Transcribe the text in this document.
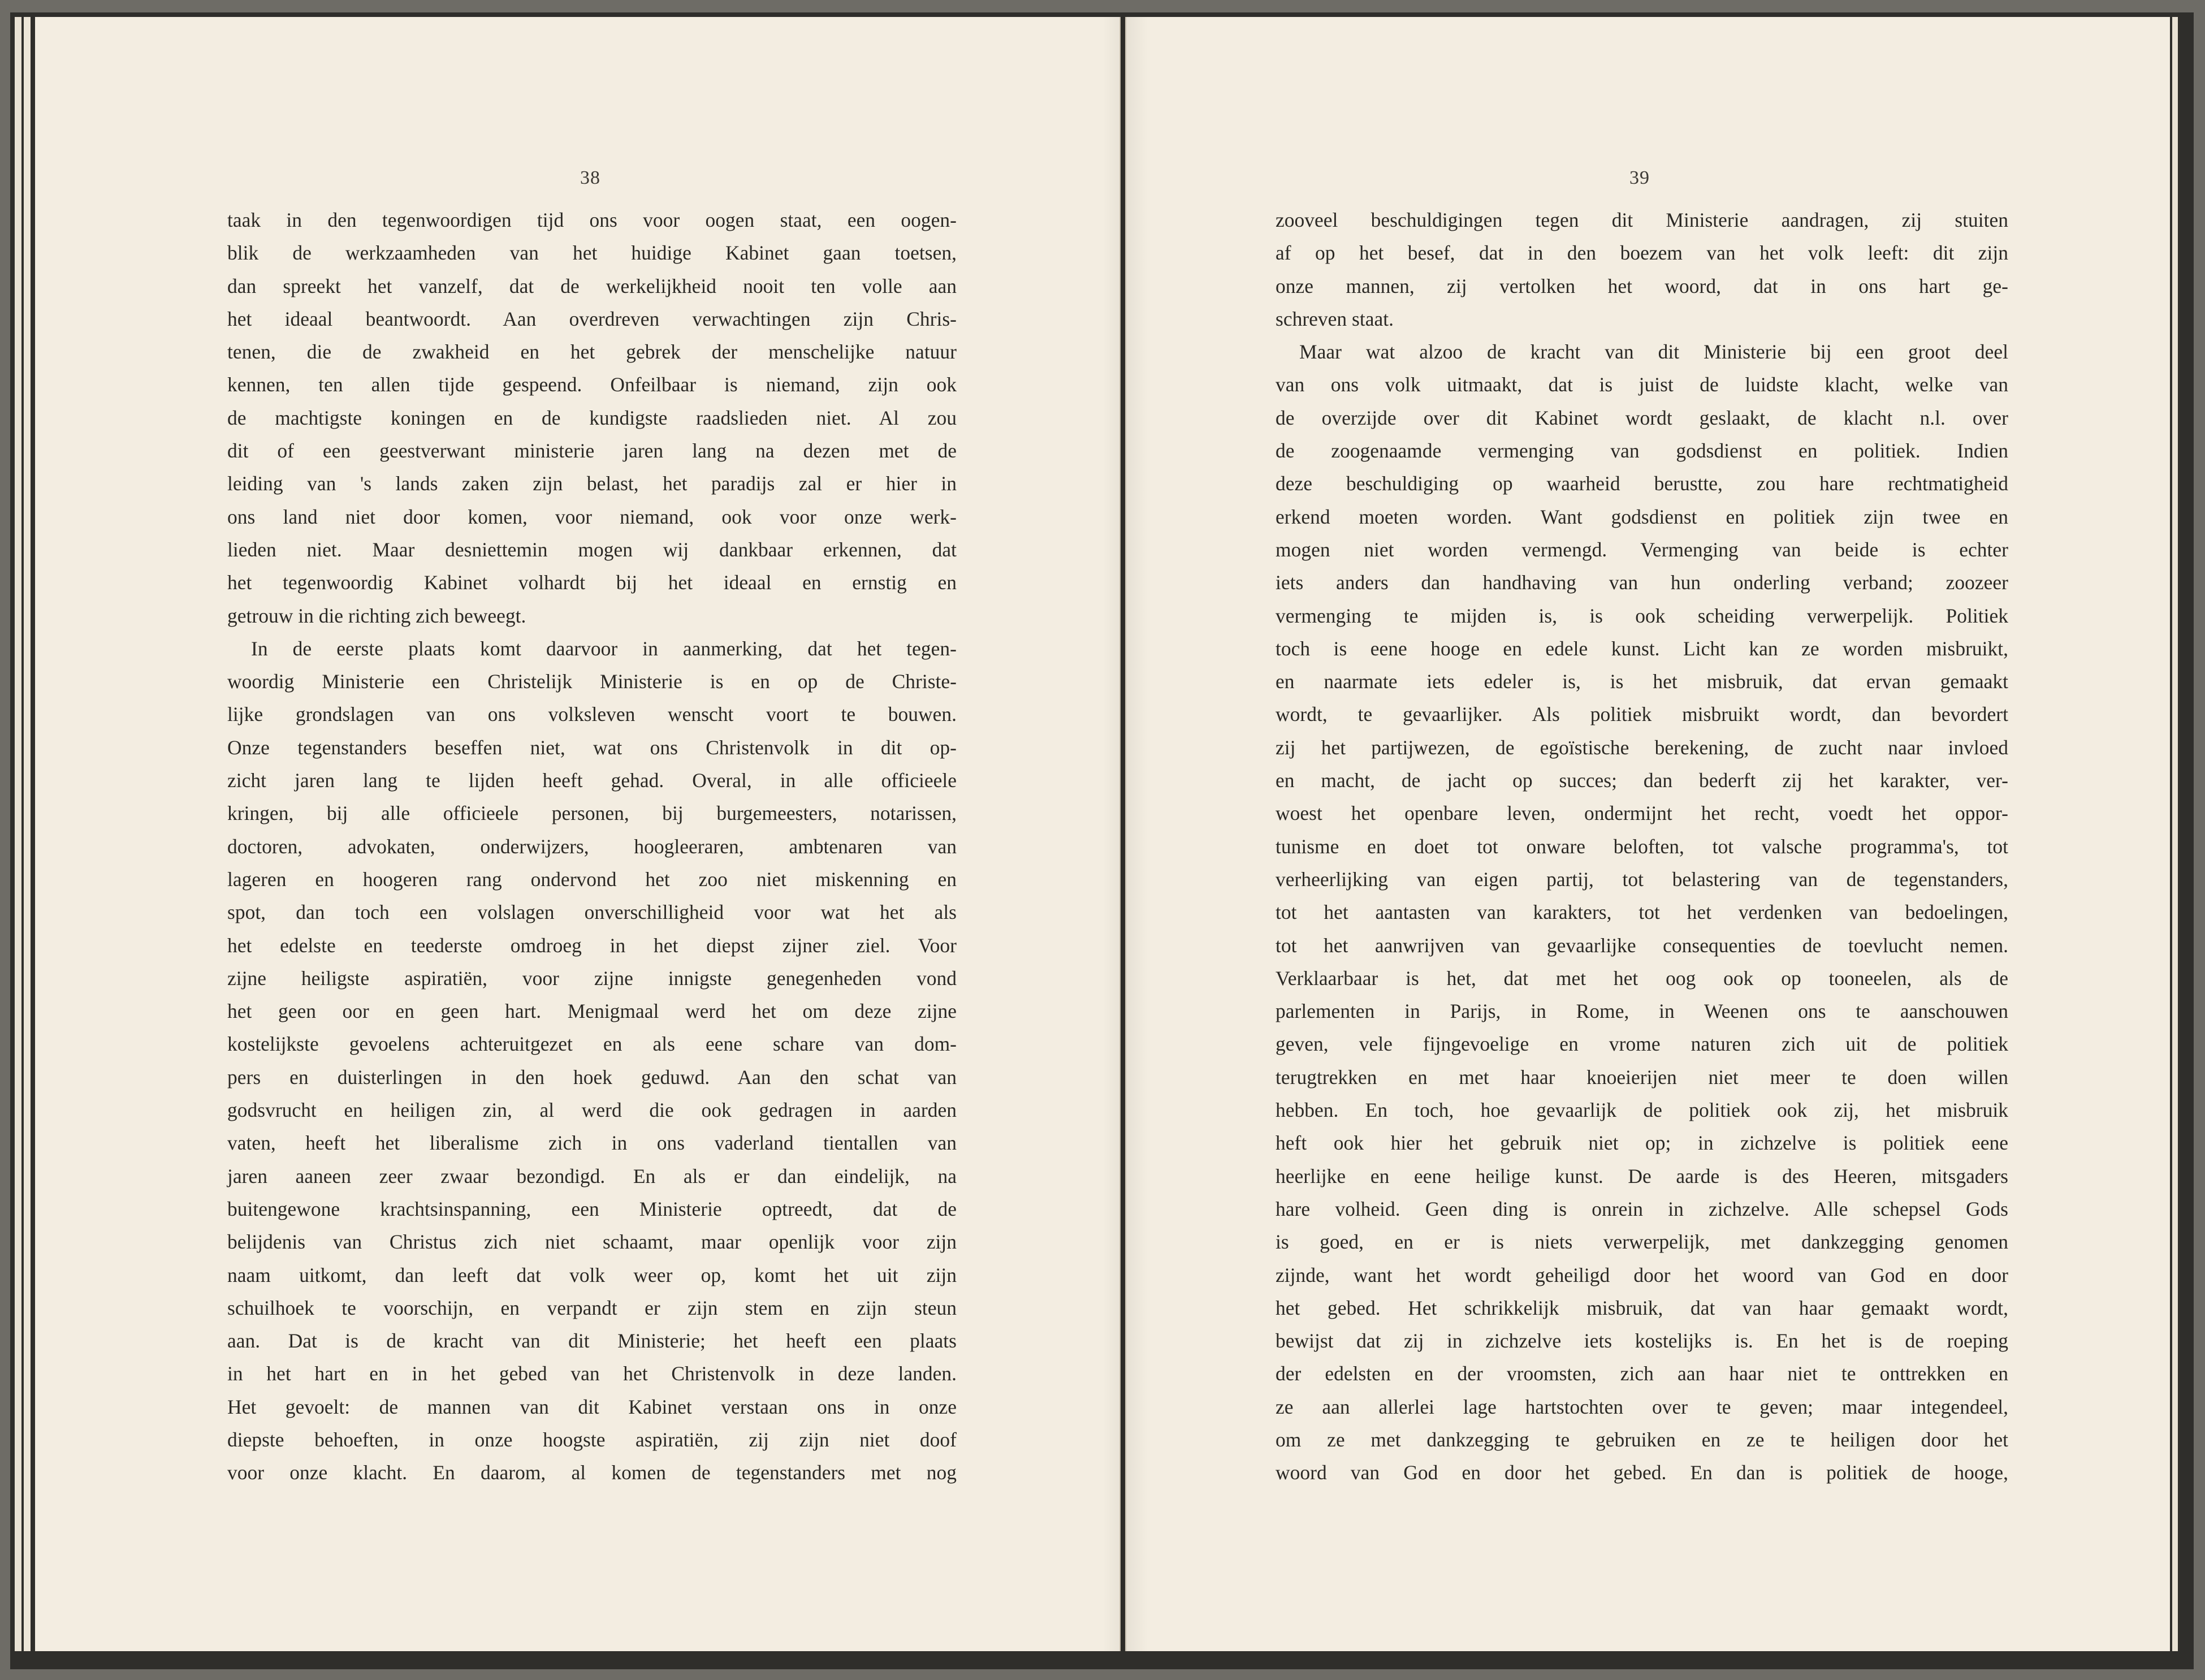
38	39
taak in den tegenwoordigen tijd ons voor oogen staat, een oogen-
blik de werkzaamheden van het huidige Kabinet gaan toetsen,
dan spreekt het vanzelf, dat de werkelijkheid nooit ten volle aan
het ideaal beantwoordt. Aan overdreven verwachtingen zijn Chris-
tenen, die de zwakheid en het gebrek der menschelijke natuur
kennen, ten allen tijde gespeend. Onfeilbaar is niemand, zijn ook
de machtigste koningen en de kundigste raadslieden niet. Al zou
dit of een geestverwant ministerie jaren lang na dezen met de
leiding van 's lands zaken zijn belast, het paradijs zal er hier in
ons land niet door komen, voor niemand, ook voor onze werk-
lieden niet. Maar desniettemin mogen wij dankbaar erkennen, dat
het tegenwoordig Kabinet volhardt bij het ideaal en ernstig en
getrouw in die richting zich beweegt.
In de eerste plaats komt daarvoor in aanmerking, dat het tegen-
woordig Ministerie een Christelijk Ministerie is en op de Christe-
lijke grondslagen van ons volksleven wenscht voort te bouwen.
Onze tegenstanders beseffen niet, wat ons Christenvolk in dit op-
zicht jaren lang te lijden heeft gehad. Overal, in alle officieele
kringen, bij alle officieele personen, bij burgemeesters, notarissen,
doctoren, advokaten, onderwijzers, hoogleeraren, ambtenaren van
lageren en hoogeren rang ondervond het zoo niet miskenning en
spot, dan toch een volslagen onverschilligheid voor wat het als
het edelste en teederste omdroeg in het diepst zijner ziel. Voor
zijne heiligste aspiratiën, voor zijne innigste genegenheden vond
het geen oor en geen hart. Menigmaal werd het om deze zijne
kostelijkste gevoelens achteruitgezet en als eene schare van dom-
pers en duisterlingen in den hoek geduwd. Aan den schat van
godsvrucht en heiligen zin, al werd die ook gedragen in aarden
vaten, heeft het liberalisme zich in ons vaderland tientallen van
jaren aaneen zeer zwaar bezondigd. En als er dan eindelijk, na
buitengewone krachtsinspanning, een Ministerie optreedt, dat de
belijdenis van Christus zich niet schaamt, maar openlijk voor zijn
naam uitkomt, dan leeft dat volk weer op, komt het uit zijn
schuilhoek te voorschijn, en verpandt er zijn stem en zijn steun
aan. Dat is de kracht van dit Ministerie; het heeft een plaats
in het hart en in het gebed van het Christenvolk in deze landen.
Het gevoelt: de mannen van dit Kabinet verstaan ons in onze
diepste behoeften, in onze hoogste aspiratiën, zij zijn niet doof
voor onze klacht. En daarom, al komen de tegenstanders met nog
zooveel beschuldigingen tegen dit Ministerie aandragen, zij stuiten
af op het besef, dat in den boezem van het volk leeft: dit zijn
onze mannen, zij vertolken het woord, dat in ons hart ge-
schreven staat.
Maar wat alzoo de kracht van dit Ministerie bij een groot deel
van ons volk uitmaakt, dat is juist de luidste klacht, welke van
de overzijde over dit Kabinet wordt geslaakt, de klacht n.l. over
de zoogenaamde vermenging van godsdienst en politiek. Indien
deze beschuldiging op waarheid berustte, zou hare rechtmatigheid
erkend moeten worden. Want godsdienst en politiek zijn twee en
mogen niet worden vermengd. Vermenging van beide is echter
iets anders dan handhaving van hun onderling verband; zoozeer
vermenging te mijden is, is ook scheiding verwerpelijk. Politiek
toch is eene hooge en edele kunst. Licht kan ze worden misbruikt,
en naarmate iets edeler is, is het misbruik, dat ervan gemaakt
wordt, te gevaarlijker. Als politiek misbruikt wordt, dan bevordert
zij het partijwezen, de egoïstische berekening, de zucht naar invloed
en macht, de jacht op succes; dan bederft zij het karakter, ver-
woest het openbare leven, ondermijnt het recht, voedt het oppor-
tunisme en doet tot onware beloften, tot valsche programma's, tot
verheerlijking van eigen partij, tot belastering van de tegenstanders,
tot het aantasten van karakters, tot het verdenken van bedoelingen,
tot het aanwrijven van gevaarlijke consequenties de toevlucht nemen.
Verklaarbaar is het, dat met het oog ook op tooneelen, als de
parlementen in Parijs, in Rome, in Weenen ons te aanschouwen
geven, vele fijngevoelige en vrome naturen zich uit de politiek
terugtrekken en met haar knoeierijen niet meer te doen willen
hebben. En toch, hoe gevaarlijk de politiek ook zij, het misbruik
heft ook hier het gebruik niet op; in zichzelve is politiek eene
heerlijke en eene heilige kunst. De aarde is des Heeren, mitsgaders
hare volheid. Geen ding is onrein in zichzelve. Alle schepsel Gods
is goed, en er is niets verwerpelijk, met dankzegging genomen
zijnde, want het wordt geheiligd door het woord van God en door
het gebed. Het schrikkelijk misbruik, dat van haar gemaakt wordt,
bewijst dat zij in zichzelve iets kostelijks is. En het is de roeping
der edelsten en der vroomsten, zich aan haar niet te onttrekken en
ze aan allerlei lage hartstochten over te geven; maar integendeel,
om ze met dankzegging te gebruiken en ze te heiligen door het
woord van God en door het gebed. En dan is politiek de hooge,
